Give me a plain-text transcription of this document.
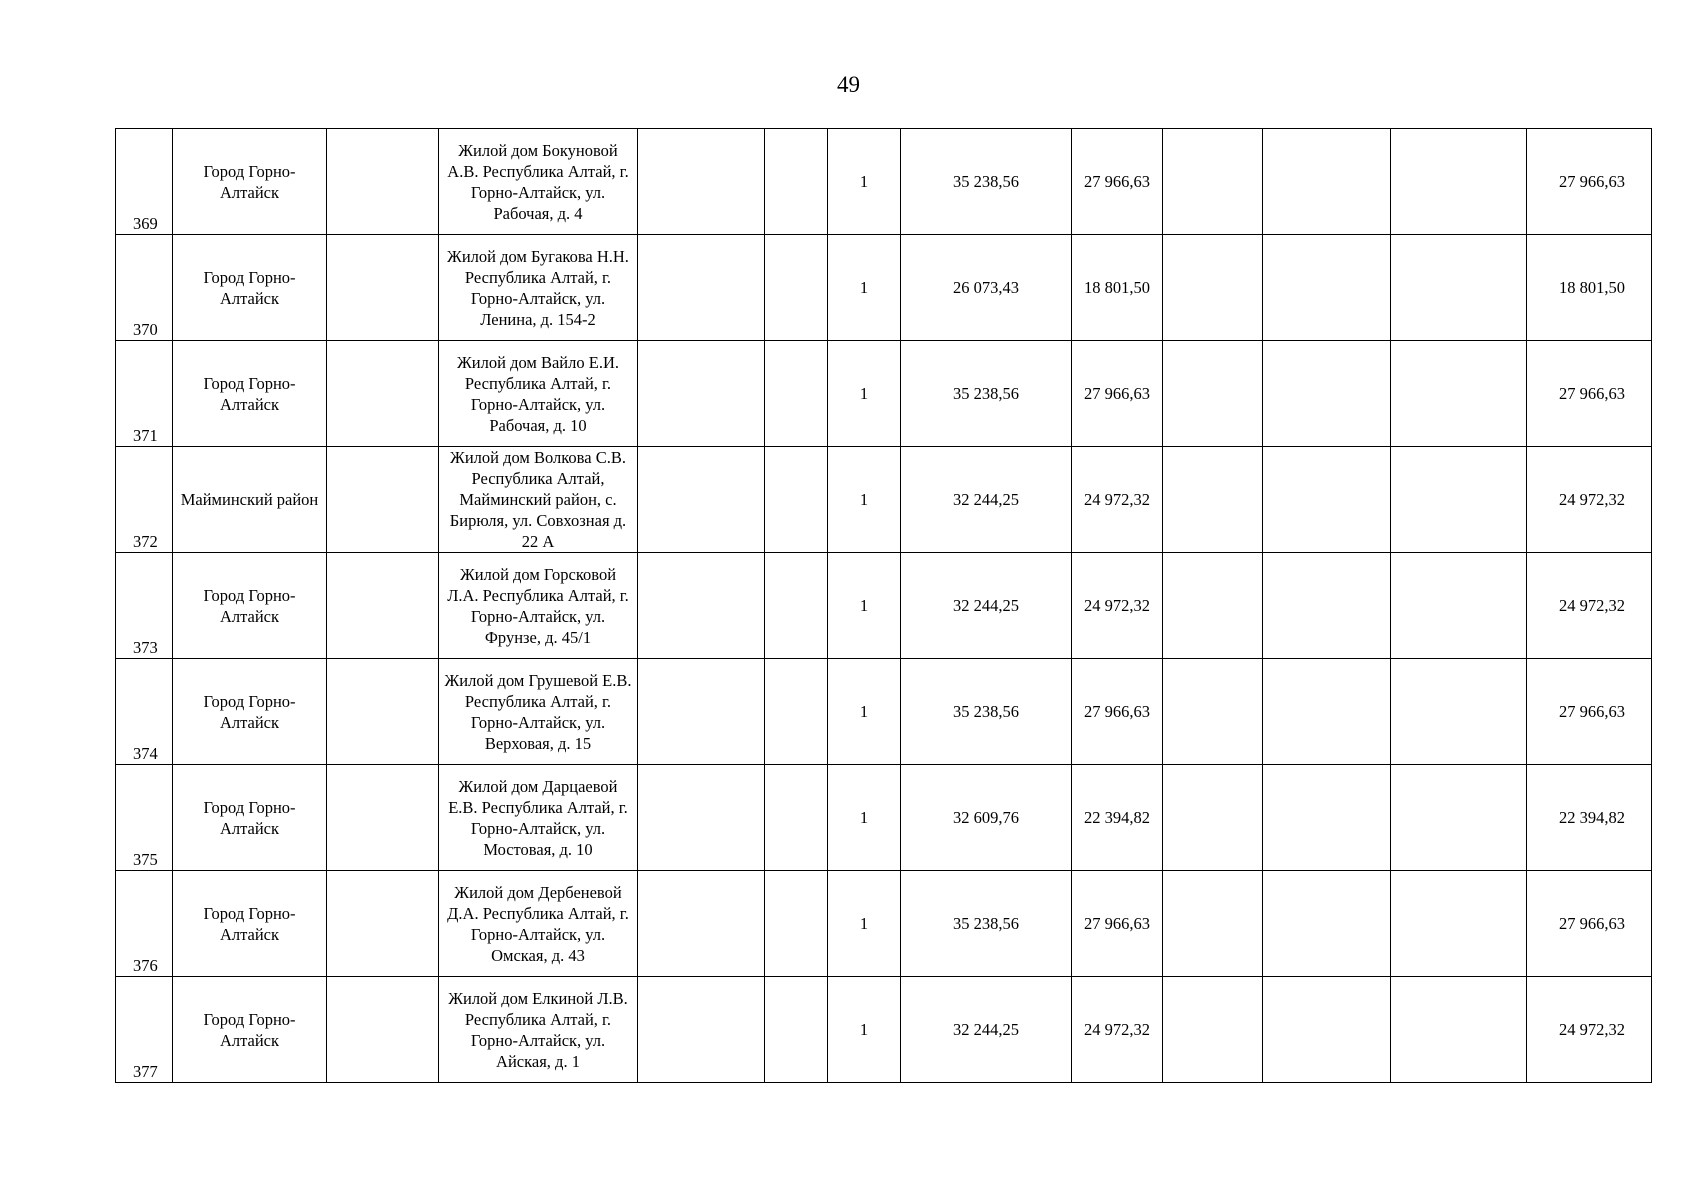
49
369	Город Горно-Алтайск		Жилой дом Бокуновой А.В. Республика Алтай, г. Горно-Алтайск, ул. Рабочая, д. 4			1	35 238,56	27 966,63				27 966,63
370	Город Горно-Алтайск		Жилой дом Бугакова Н.Н. Республика Алтай, г. Горно-Алтайск, ул. Ленина, д. 154-2			1	26 073,43	18 801,50				18 801,50
371	Город Горно-Алтайск		Жилой дом Вайло Е.И. Республика Алтай, г. Горно-Алтайск, ул. Рабочая, д. 10			1	35 238,56	27 966,63				27 966,63
372	Майминский район		Жилой дом Волкова С.В. Республика Алтай, Майминский район, с. Бирюля, ул. Совхозная д. 22 А			1	32 244,25	24 972,32				24 972,32
373	Город Горно-Алтайск		Жилой дом Горсковой Л.А. Республика Алтай, г. Горно-Алтайск, ул. Фрунзе, д. 45/1			1	32 244,25	24 972,32				24 972,32
374	Город Горно-Алтайск		Жилой дом Грушевой Е.В. Республика Алтай, г. Горно-Алтайск, ул. Верховая, д. 15			1	35 238,56	27 966,63				27 966,63
375	Город Горно-Алтайск		Жилой дом Дарцаевой Е.В. Республика Алтай, г. Горно-Алтайск, ул. Мостовая, д. 10			1	32 609,76	22 394,82				22 394,82
376	Город Горно-Алтайск		Жилой дом Дербеневой Д.А. Республика Алтай, г. Горно-Алтайск, ул. Омская, д. 43			1	35 238,56	27 966,63				27 966,63
377	Город Горно-Алтайск		Жилой дом Елкиной Л.В. Республика Алтай, г. Горно-Алтайск, ул. Айская, д. 1			1	32 244,25	24 972,32				24 972,32
